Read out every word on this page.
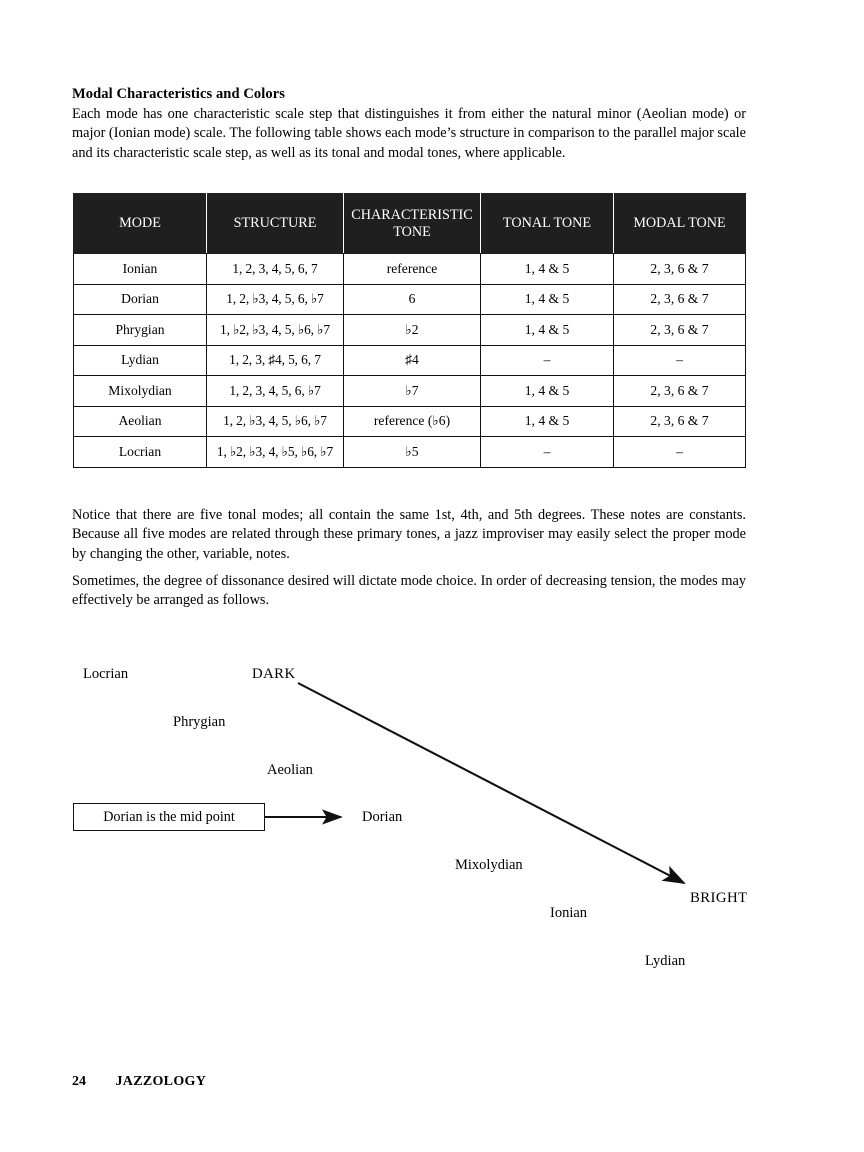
Modal Characteristics and Colors
Each mode has one characteristic scale step that distinguishes it from either the natural minor (Aeolian mode) or major (Ionian mode) scale. The following table shows each mode’s structure in comparison to the parallel major scale and its characteristic scale step, as well as its tonal and modal tones, where applicable.
MODE	STRUCTURE	CHARACTERISTIC TONE	TONAL TONE	MODAL TONE
Ionian	1, 2, 3, 4, 5, 6, 7	reference	1, 4 & 5	2, 3, 6 & 7
Dorian	1, 2, ♭3, 4, 5, 6, ♭7	6	1, 4 & 5	2, 3, 6 & 7
Phrygian	1, ♭2, ♭3, 4, 5, ♭6, ♭7	♭2	1, 4 & 5	2, 3, 6 & 7
Lydian	1, 2, 3, ♯4, 5, 6, 7	♯4	–	–
Mixolydian	1, 2, 3, 4, 5, 6, ♭7	♭7	1, 4 & 5	2, 3, 6 & 7
Aeolian	1, 2, ♭3, 4, 5, ♭6, ♭7	reference (♭6)	1, 4 & 5	2, 3, 6 & 7
Locrian	1, ♭2, ♭3, 4, ♭5, ♭6, ♭7	♭5	–	–
Notice that there are five tonal modes; all contain the same 1st, 4th, and 5th degrees. These notes are constants. Because all five modes are related through these primary tones, a jazz improviser may easily select the proper mode by changing the other, variable, notes.
Sometimes, the degree of dissonance desired will dictate mode choice. In order of decreasing tension, the modes may effectively be arranged as follows.
Locrian	DARK
Phrygian
Aeolian
Dorian
Mixolydian
BRIGHT
Ionian
Lydian
Dorian is the mid point
24 JAZZOLOGY
